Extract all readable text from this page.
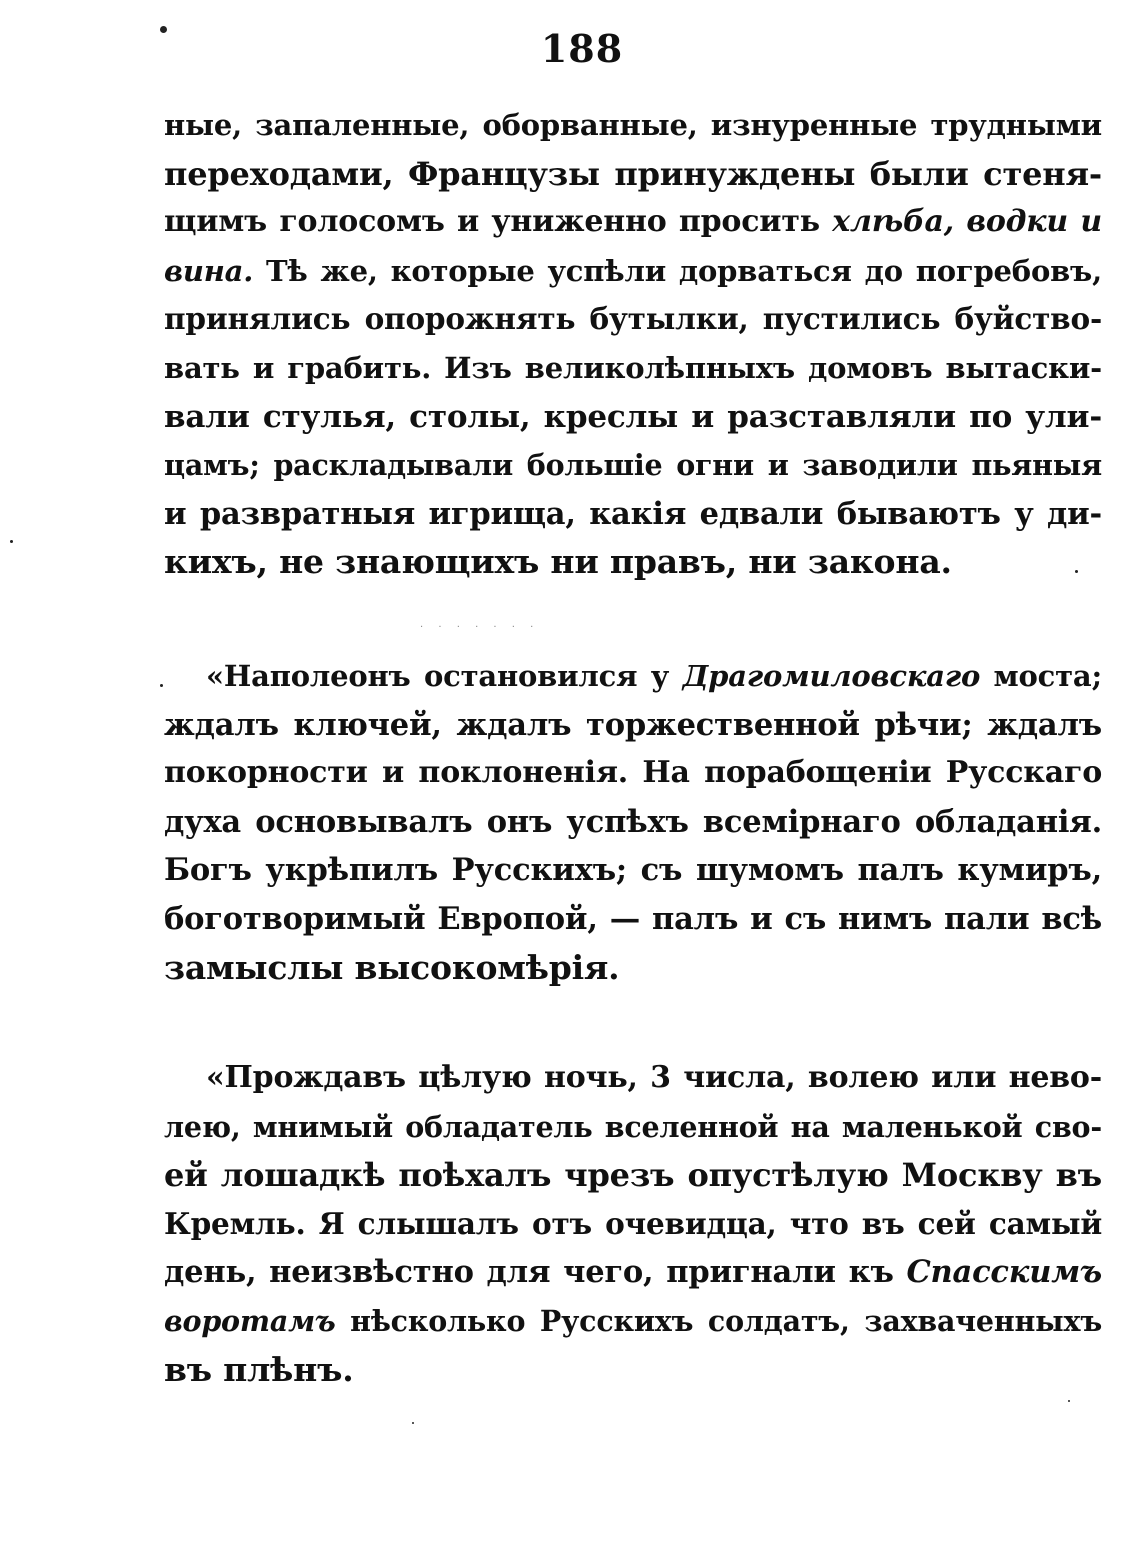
188
ные, запаленные, оборванные, изнуренные трудными
переходами, Французы принуждены были стеня-
щимъ голосомъ и униженно просить хлѣба, водки и
вина. Тѣ же, которые успѣли дорваться до погребовъ,
принялись опорожнять бутылки, пустились буйство-
вать и грабить. Изъ великолѣпныхъ домовъ вытаски-
вали стулья, столы, креслы и разставляли по ули-
цамъ; раскладывали большіе огни и заводили пьяныя
и развратныя игрища, какія едвали бываютъ у ди-
кихъ, не знающихъ ни правъ, ни закона.
· · · · · · ·
«Наполеонъ остановился у Драгомиловскаго моста;
ждалъ ключей, ждалъ торжественной рѣчи; ждалъ
покорности и поклоненія. На порабощеніи Русскаго
духа основывалъ онъ успѣхъ всемірнаго обладанія.
Богъ укрѣпилъ Русскихъ; съ шумомъ палъ кумиръ,
боготворимый Европой, — палъ и съ нимъ пали всѣ
замыслы высокомѣрія.
«Прождавъ цѣлую ночь, 3 числа, волею или нево-
лею, мнимый обладатель вселенной на маленькой сво-
ей лошадкѣ поѣхалъ чрезъ опустѣлую Москву въ
Кремль. Я слышалъ отъ очевидца, что въ сей самый
день, неизвѣстно для чего, пригнали къ Спасскимъ
воротамъ нѣсколько Русскихъ солдатъ, захваченныхъ
въ плѣнъ.
